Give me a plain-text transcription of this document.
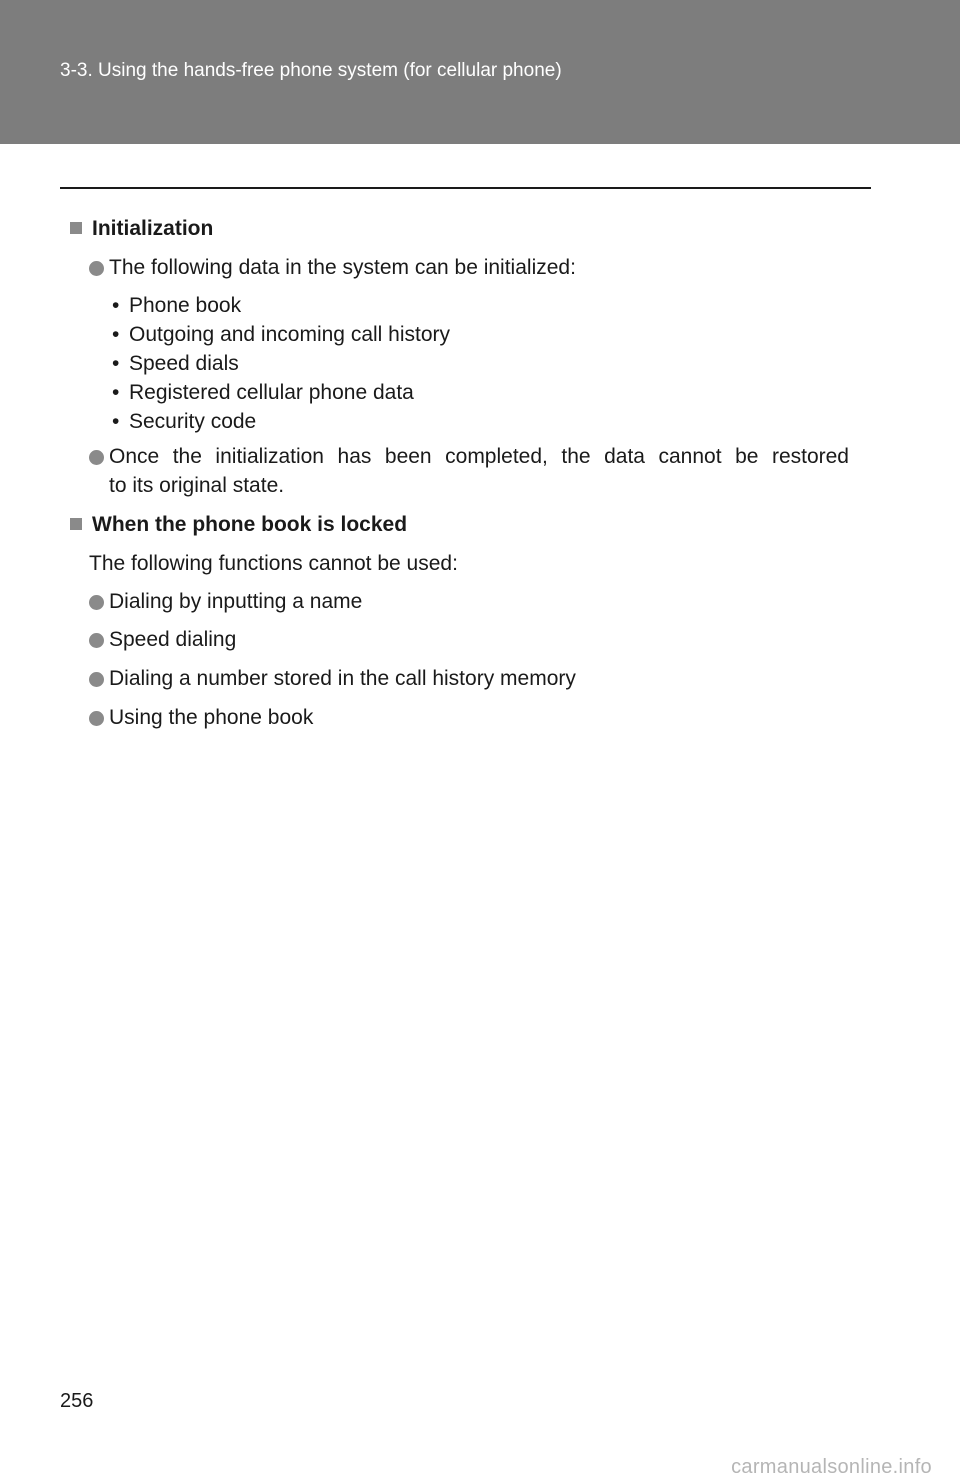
3-3. Using the hands-free phone system (for cellular phone)
Initialization
The following data in the system can be initialized:
• Phone book
• Outgoing and incoming call history
• Speed dials
• Registered cellular phone data
• Security code
Once the initialization has been completed, the data cannot be restored
to its original state.
When the phone book is locked
The following functions cannot be used:
Dialing by inputting a name
Speed dialing
Dialing a number stored in the call history memory
Using the phone book
256
carmanualsonline.info
